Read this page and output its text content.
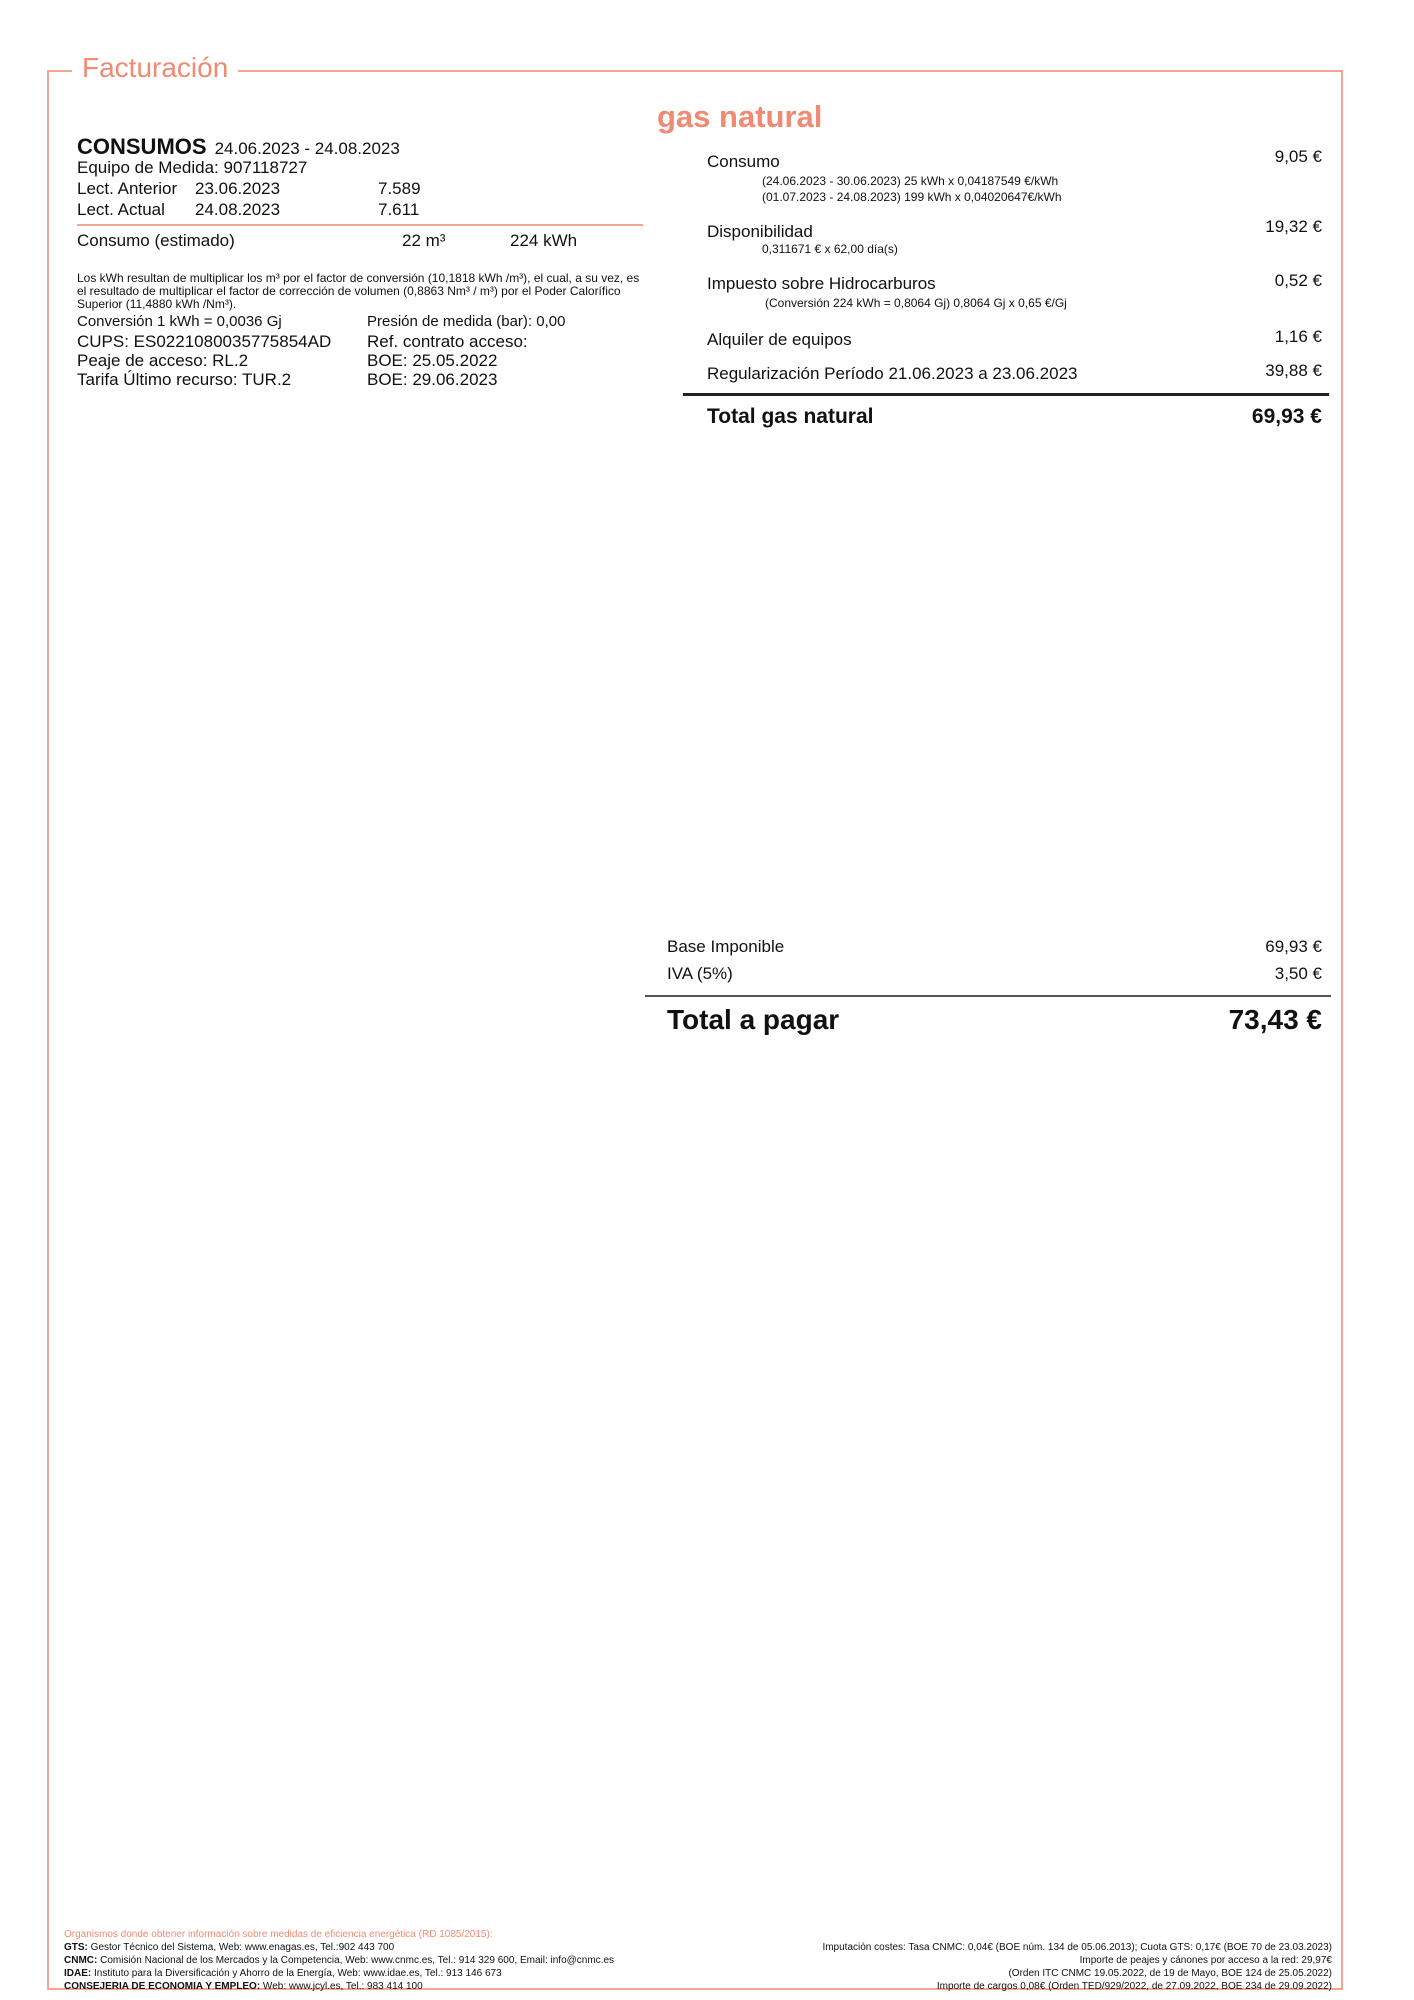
Facturación
CONSUMOS 24.06.2023 - 24.08.2023
Equipo de Medida: 907118727
Lect. Anterior 23.06.2023	7.589
Lect. Actual 24.08.2023	7.611
Consumo (estimado)	22 m³	224 kWh
Los kWh resultan de multiplicar los m³ por el factor de conversión (10,1818 kWh /m³), el cual, a su vez, es el resultado de multiplicar el factor de corrección de volumen (0,8863 Nm³ / m³) por el Poder Calorífico Superior (11,4880 kWh /Nm³).
Conversión 1 kWh = 0,0036 Gj	Presión de medida (bar): 0,00
CUPS: ES0221080035775854AD Ref. contrato acceso:
Peaje de acceso: RL.2	BOE: 25.05.2022
Tarifa Último recurso: TUR.2	BOE: 29.06.2023
gas natural
Consumo	9,05 €
(24.06.2023 - 30.06.2023) 25 kWh x 0,04187549 €/kWh
(01.07.2023 - 24.08.2023) 199 kWh x 0,04020647€/kWh
Disponibilidad	19,32 €
0,311671 € x 62,00 día(s)
Impuesto sobre Hidrocarburos	0,52 €
(Conversión 224 kWh = 0,8064 Gj) 0,8064 Gj x 0,65 €/Gj
Alquiler de equipos	1,16 €
Regularización Período 21.06.2023 a 23.06.2023	39,88 €
Total gas natural	69,93 €
Base Imponible	69,93 €
IVA (5%)	3,50 €
Total a pagar	73,43 €
Organismos donde obtener información sobre medidas de eficiencia energética (RD 1085/2015):
GTS: Gestor Técnico del Sistema, Web: www.enagas.es, Tel.:902 443 700
CNMC: Comisión Nacional de los Mercados y la Competencia, Web: www.cnmc.es, Tel.: 914 329 600, Email: info@cnmc.es
IDAE: Instituto para la Diversificación y Ahorro de la Energía, Web: www.idae.es, Tel.: 913 146 673
CONSEJERIA DE ECONOMIA Y EMPLEO: Web: www.jcyl.es, Tel.: 983 414 100
Imputación costes: Tasa CNMC: 0,04€ (BOE núm. 134 de 05.06.2013); Cuota GTS: 0,17€ (BOE 70 de 23.03.2023)
Importe de peajes y cánones por acceso a la red: 29,97€
(Orden ITC CNMC 19.05.2022, de 19 de Mayo, BOE 124 de 25.05.2022)
Importe de cargos 0,08€ (Orden TED/929/2022, de 27.09.2022, BOE 234 de 29.09.2022)
